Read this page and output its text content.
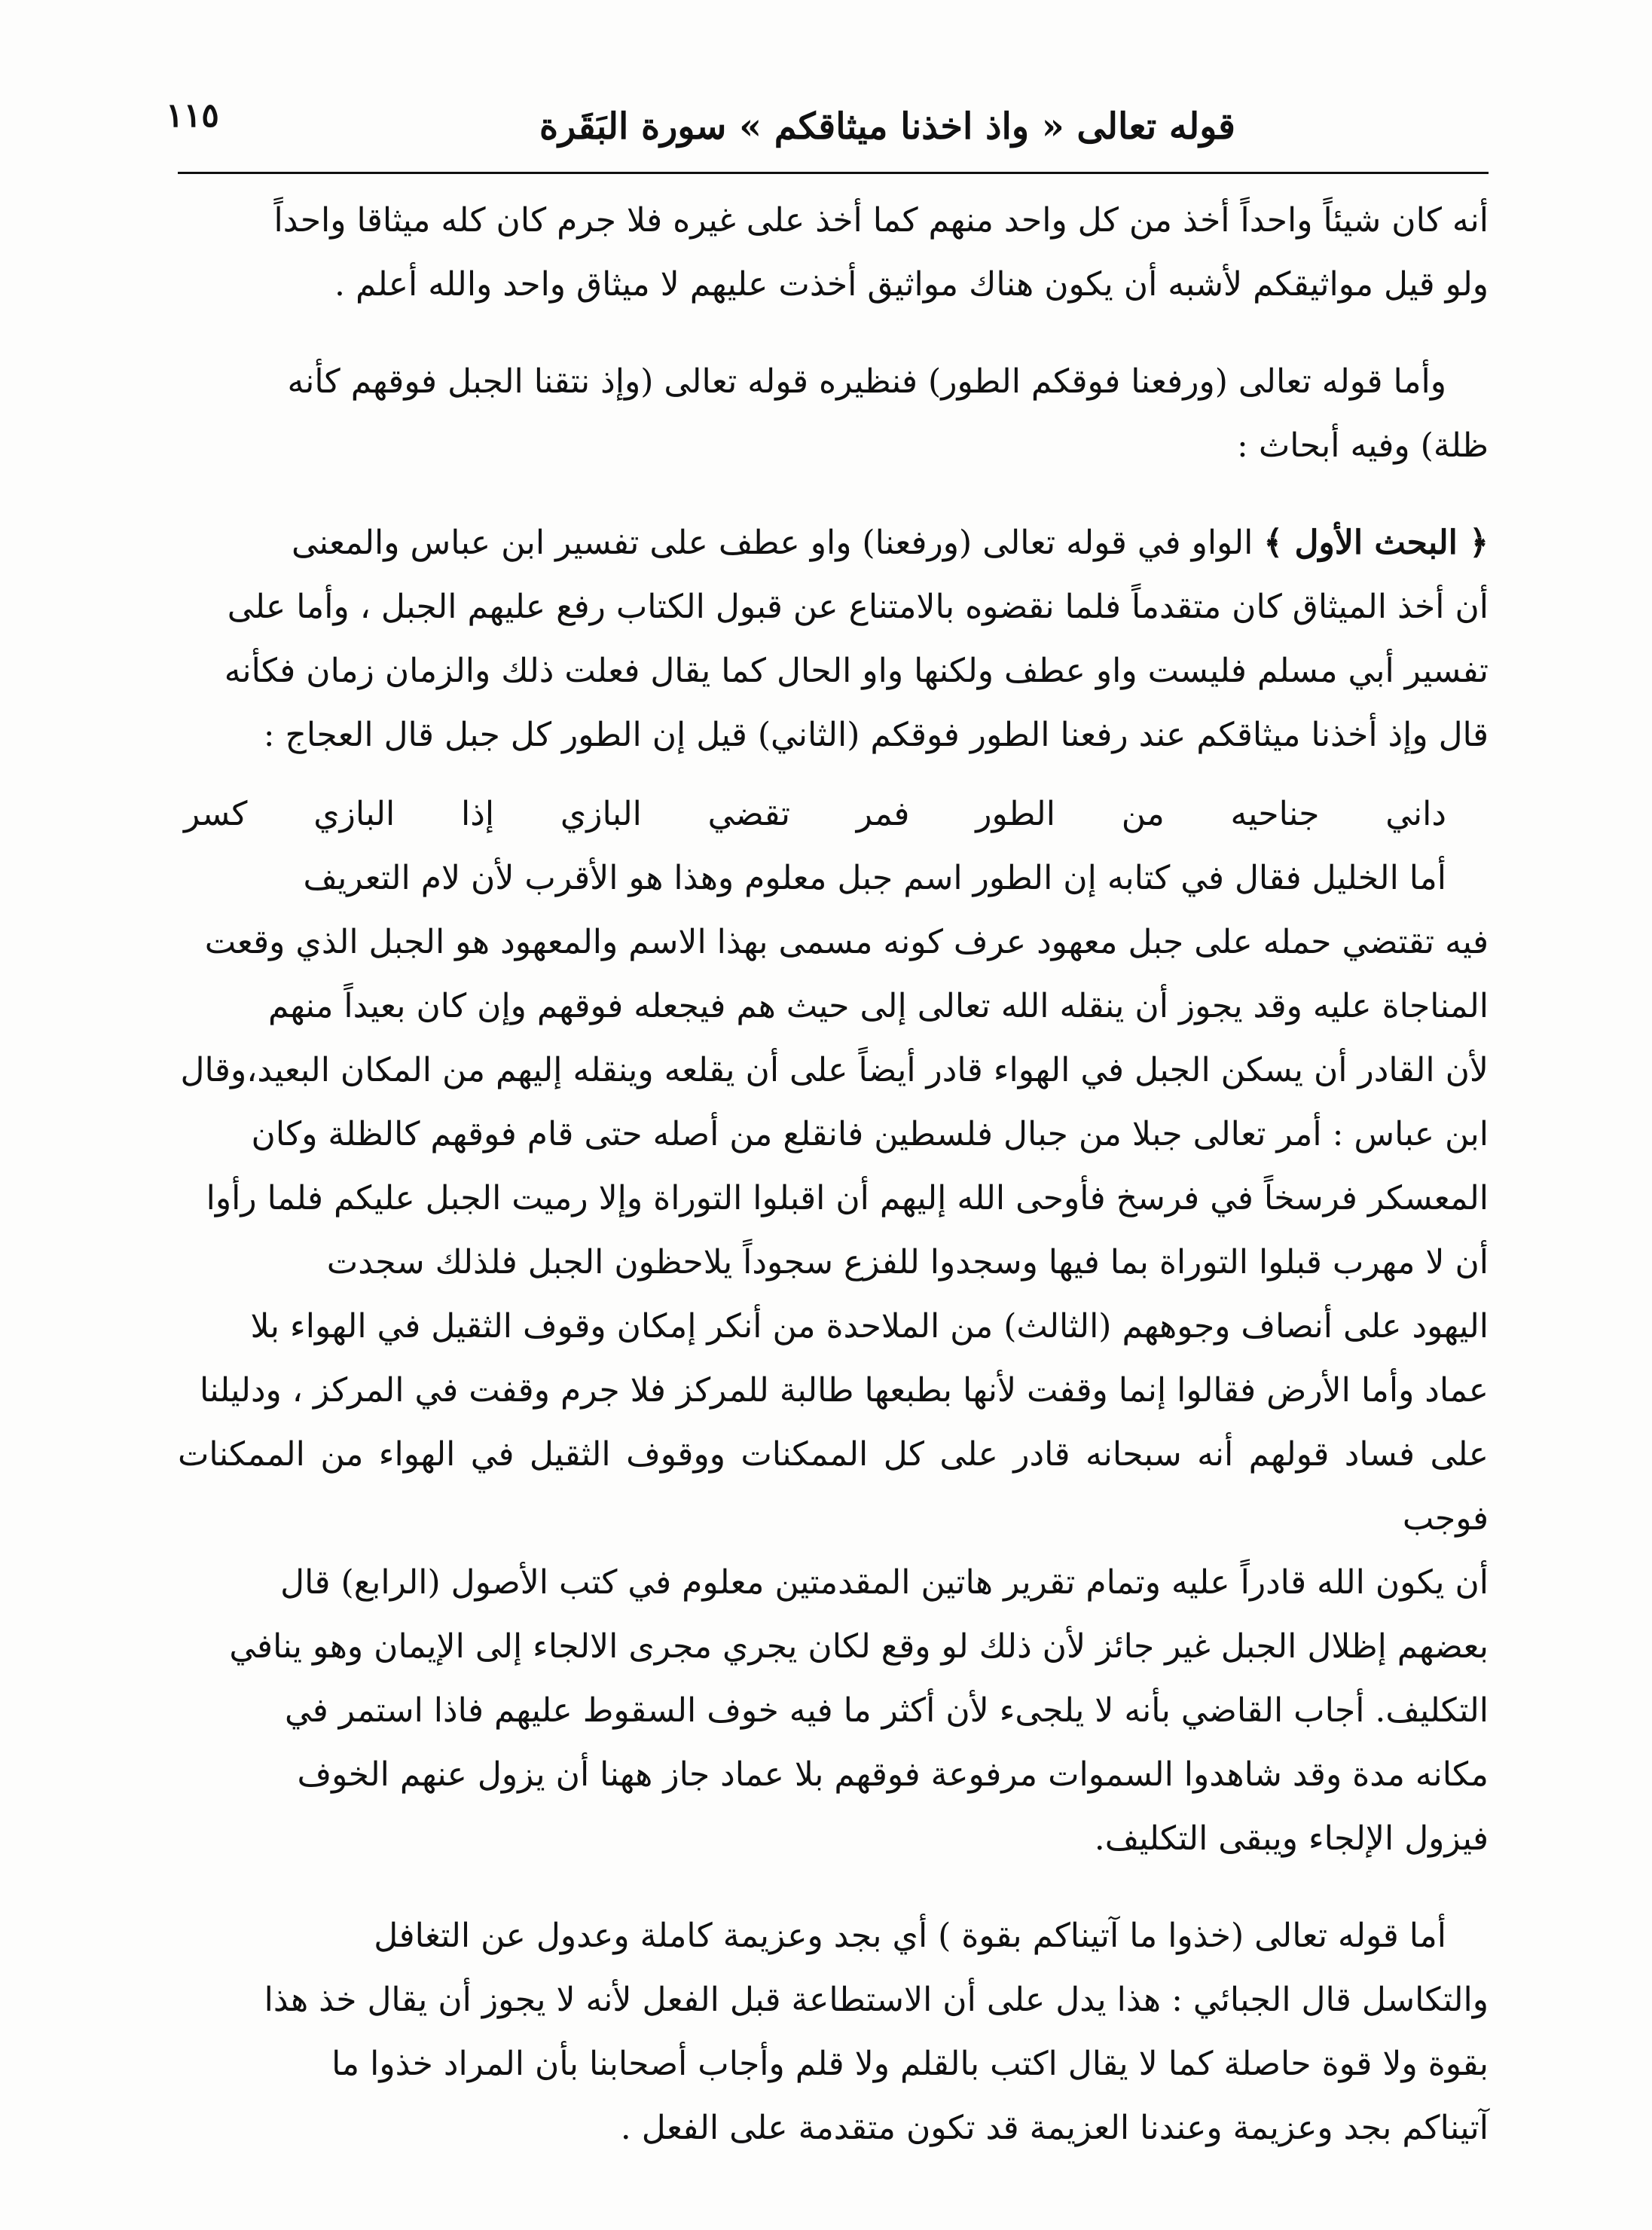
١١٥	قوله تعالى « واذ اخذنا ميثاقكم » سورة البَقَرة

أنه كان شيئاً واحداً أخذ من كل واحد منهم كما أخذ على غيره فلا جرم كان كله ميثاقا واحداً

ولو قيل مواثيقكم لأشبه أن يكون هناك مواثيق أخذت عليهم لا ميثاق واحد والله أعلم .

وأما قوله تعالى (ورفعنا فوقكم الطور) فنظيره قوله تعالى (وإذ نتقنا الجبل فوقهم كأنه

ظلة) وفيه أبحاث :

﴿ البحث الأول ﴾ الواو في قوله تعالى (ورفعنا) واو عطف على تفسير ابن عباس والمعنى

أن أخذ الميثاق كان متقدماً فلما نقضوه بالامتناع عن قبول الكتاب رفع عليهم الجبل ، وأما على

تفسير أبي مسلم فليست واو عطف ولكنها واو الحال كما يقال فعلت ذلك والزمان زمان فكأنه

قال وإذ أخذنا ميثاقكم عند رفعنا الطور فوقكم (الثاني) قيل إن الطور كل جبل قال العجاج :

داني جناحيه من الطور فمر تقضي البازي إذا البازي كسر

أما الخليل فقال في كتابه إن الطور اسم جبل معلوم وهذا هو الأقرب لأن لام التعريف

فيه تقتضي حمله على جبل معهود عرف كونه مسمى بهذا الاسم والمعهود هو الجبل الذي وقعت

المناجاة عليه وقد يجوز أن ينقله الله تعالى إلى حيث هم فيجعله فوقهم وإن كان بعيداً منهم

لأن القادر أن يسكن الجبل في الهواء قادر أيضاً على أن يقلعه وينقله إليهم من المكان البعيد،وقال

ابن عباس : أمر تعالى جبلا من جبال فلسطين فانقلع من أصله حتى قام فوقهم كالظلة وكان

المعسكر فرسخاً في فرسخ فأوحى الله إليهم أن اقبلوا التوراة وإلا رميت الجبل عليكم فلما رأوا

أن لا مهرب قبلوا التوراة بما فيها وسجدوا للفزع سجوداً يلاحظون الجبل فلذلك سجدت

اليهود على أنصاف وجوههم (الثالث) من الملاحدة من أنكر إمكان وقوف الثقيل في الهواء بلا

عماد وأما الأرض فقالوا إنما وقفت لأنها بطبعها طالبة للمركز فلا جرم وقفت في المركز ، ودليلنا

على فساد قولهم أنه سبحانه قادر على كل الممكنات ووقوف الثقيل في الهواء من الممكنات فوجب

أن يكون الله قادراً عليه وتمام تقرير هاتين المقدمتين معلوم في كتب الأصول (الرابع) قال

بعضهم إظلال الجبل غير جائز لأن ذلك لو وقع لكان يجري مجرى الالجاء إلى الإيمان وهو ينافي

التكليف. أجاب القاضي بأنه لا يلجىء لأن أكثر ما فيه خوف السقوط عليهم فاذا استمر في

مكانه مدة وقد شاهدوا السموات مرفوعة فوقهم بلا عماد جاز ههنا أن يزول عنهم الخوف

فيزول الإلجاء ويبقى التكليف.

أما قوله تعالى (خذوا ما آتيناكم بقوة ) أي بجد وعزيمة كاملة وعدول عن التغافل

والتكاسل قال الجبائي : هذا يدل على أن الاستطاعة قبل الفعل لأنه لا يجوز أن يقال خذ هذا

بقوة ولا قوة حاصلة كما لا يقال اكتب بالقلم ولا قلم وأجاب أصحابنا بأن المراد خذوا ما

آتيناكم بجد وعزيمة وعندنا العزيمة قد تكون متقدمة على الفعل .
